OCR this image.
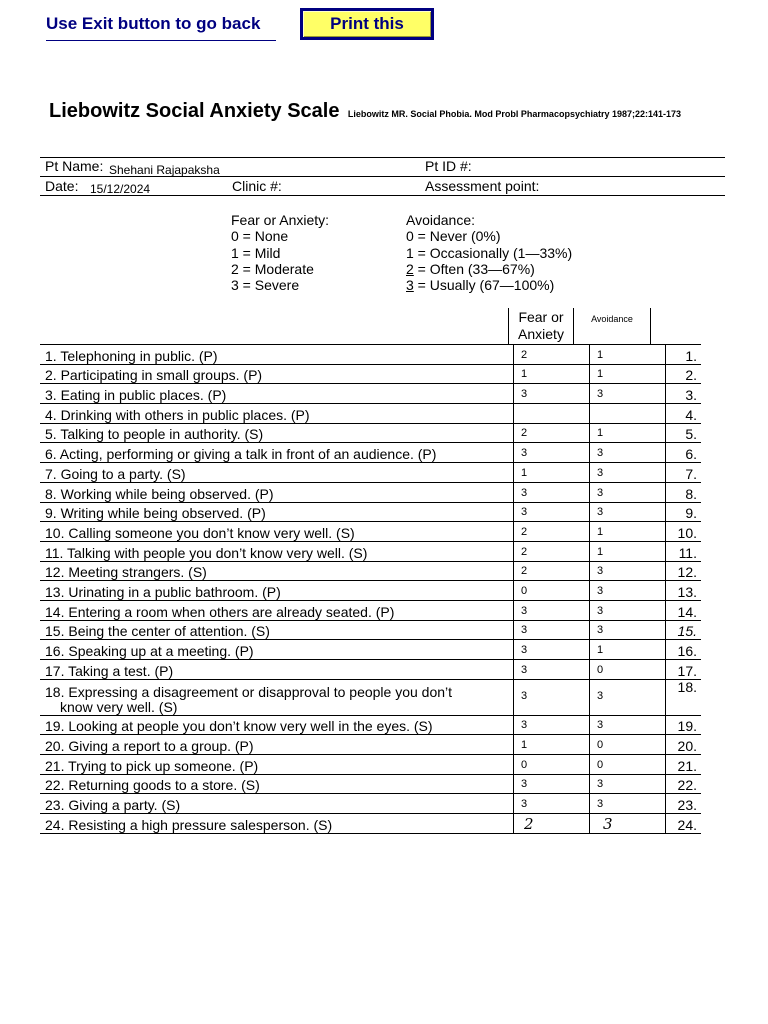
Use Exit button to go back	Print this
Liebowitz Social Anxiety Scale Liebowitz MR. Social Phobia. Mod Probl Pharmacopsychiatry 1987;22:141-173
Pt Name: Shehani Rajapaksha	Pt ID #:
Date: 15/12/2024	Clinic #:	Assessment point:
Fear or Anxiety:
0 = None
1 = Mild
2 = Moderate
3 = Severe
Avoidance:
0 = Never (0%)
1 = Occasionally (1—33%)
2 = Often (33—67%)
3 = Usually (67—100%)
Fear or
Anxiety
Avoidance
1. Telephoning in public. (P)		2	1	1.
2. Participating in small groups. (P)		1	1	2.
3. Eating in public places. (P)		3	3	3.
4. Drinking with others in public places. (P)				4.
5. Talking to people in authority. (S)		2	1	5.
6. Acting, performing or giving a talk in front of an audience. (P)		3	3	6.
7. Going to a party. (S)		1	3	7.
8. Working while being observed. (P)		3	3	8.
9. Writing while being observed. (P)		3	3	9.
10. Calling someone you don’t know very well. (S)		2	1	10.
11. Talking with people you don’t know very well. (S)		2	1	11.
12. Meeting strangers. (S)		2	3	12.
13. Urinating in a public bathroom. (P)		0	3	13.
14. Entering a room when others are already seated. (P)		3	3	14.
15. Being the center of attention. (S)		3	3	15.
16. Speaking up at a meeting. (P)		3	1	16.
17. Taking a test. (P)		3	0	17.
18. Expressing a disagreement or disapproval to people you don’t
know very well. (S)		3	3	18.
19. Looking at people you don’t know very well in the eyes. (S)		3	3	19.
20. Giving a report to a group. (P)		1	0	20.
21. Trying to pick up someone. (P)		0	0	21.
22. Returning goods to a store. (S)		3	3	22.
23. Giving a party. (S)		3	3	23.
24. Resisting a high pressure salesperson. (S)		2	3	24.
